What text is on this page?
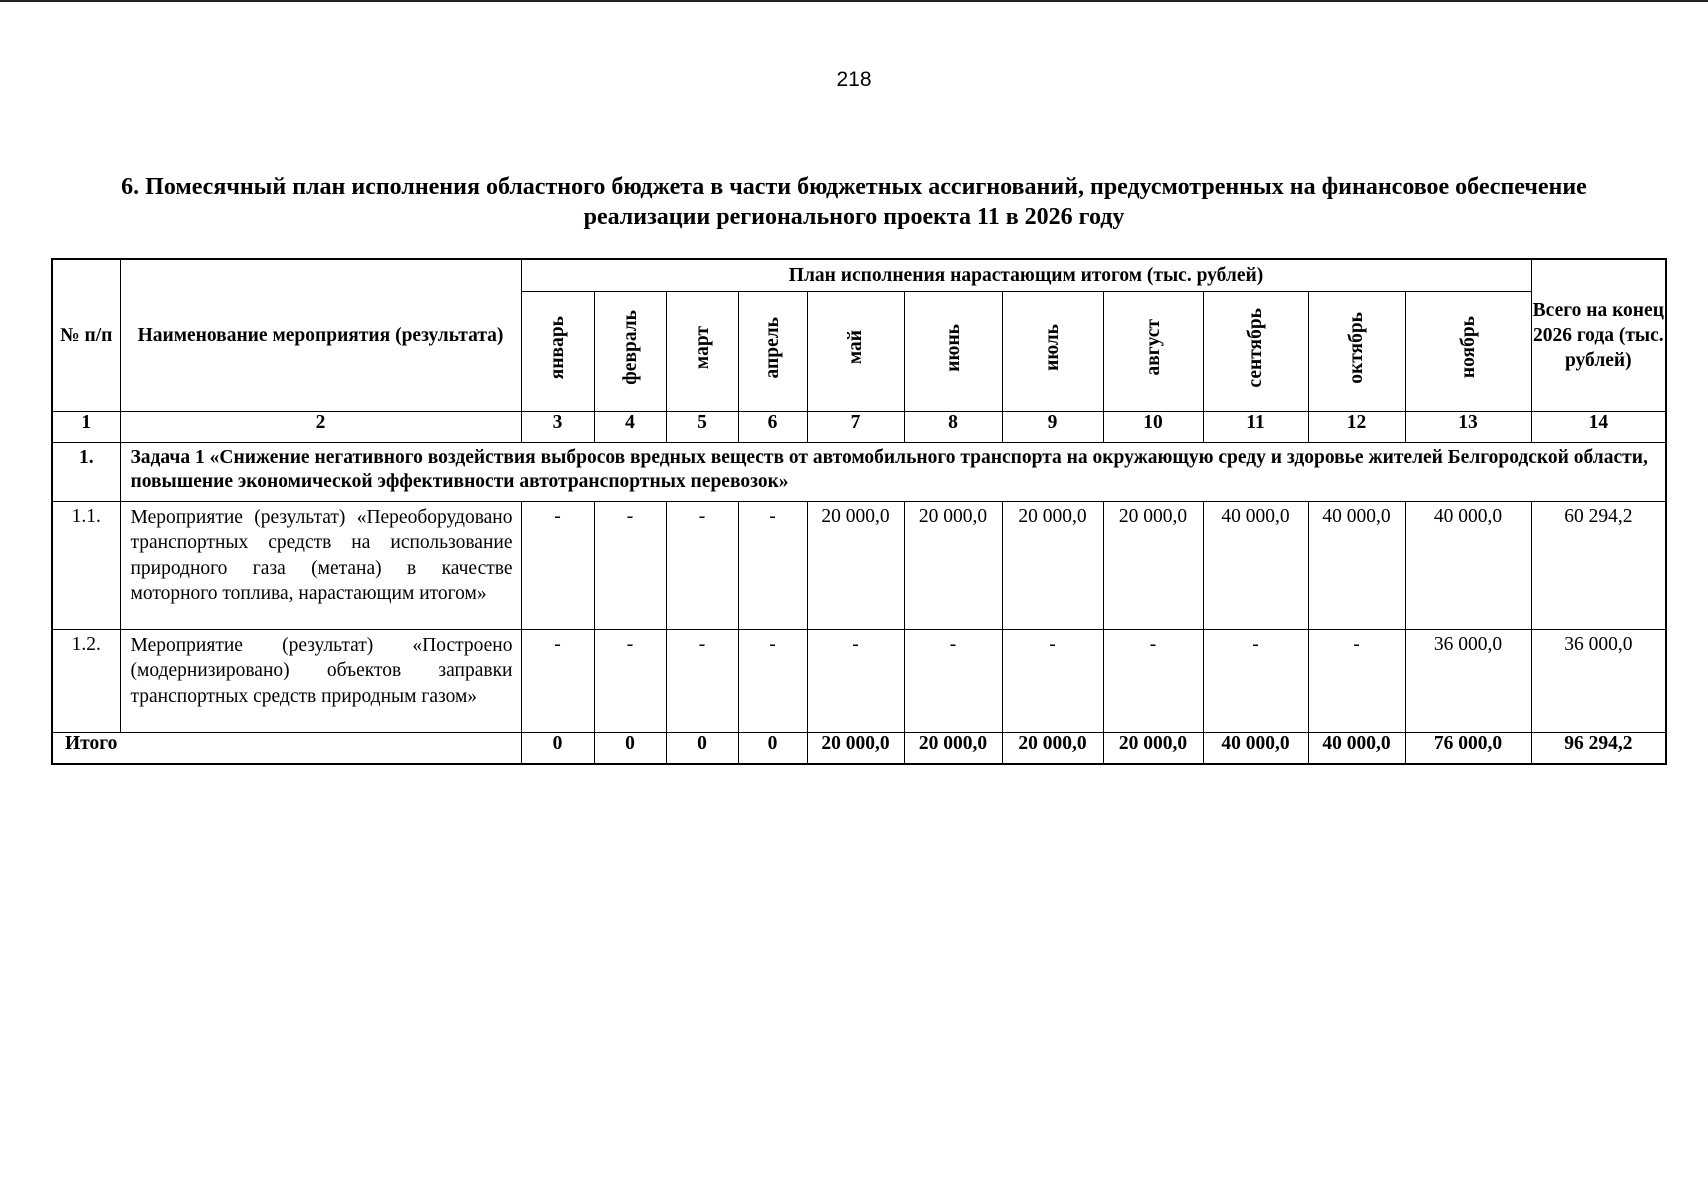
218
6. Помесячный план исполнения областного бюджета в части бюджетных ассигнований, предусмотренных на финансовое обеспечение реализации регионального проекта 11 в 2026 году
№ п/п	Наименование мероприятия (результата)	План исполнения нарастающим итогом (тыс. рублей)											Всего на конец 2026 года (тыс. рублей)
		январь	февраль	март	апрель	май	июнь	июль	август	сентябрь	октябрь	ноябрь	
1	2	3	4	5	6	7	8	9	10	11	12	13	14
1.	Задача 1 «Снижение негативного воздействия выбросов вредных веществ от автомобильного транспорта на окружающую среду и здоровье жителей Белгородской области, повышение экономической эффективности автотранспортных перевозок»												
1.1.	Мероприятие (результат) «Переоборудовано транспортных средств на использование природного газа (метана) в качестве моторного топлива, нарастающим итогом»	-	-	-	-	20 000,0	20 000,0	20 000,0	20 000,0	40 000,0	40 000,0	40 000,0	60 294,2
1.2.	Мероприятие (результат) «Построено (модернизировано) объектов заправки транспортных средств природным газом»	-	-	-	-	-	-	-	-	-	-	36 000,0	36 000,0
Итого		0	0	0	0	20 000,0	20 000,0	20 000,0	20 000,0	40 000,0	40 000,0	76 000,0	96 294,2
